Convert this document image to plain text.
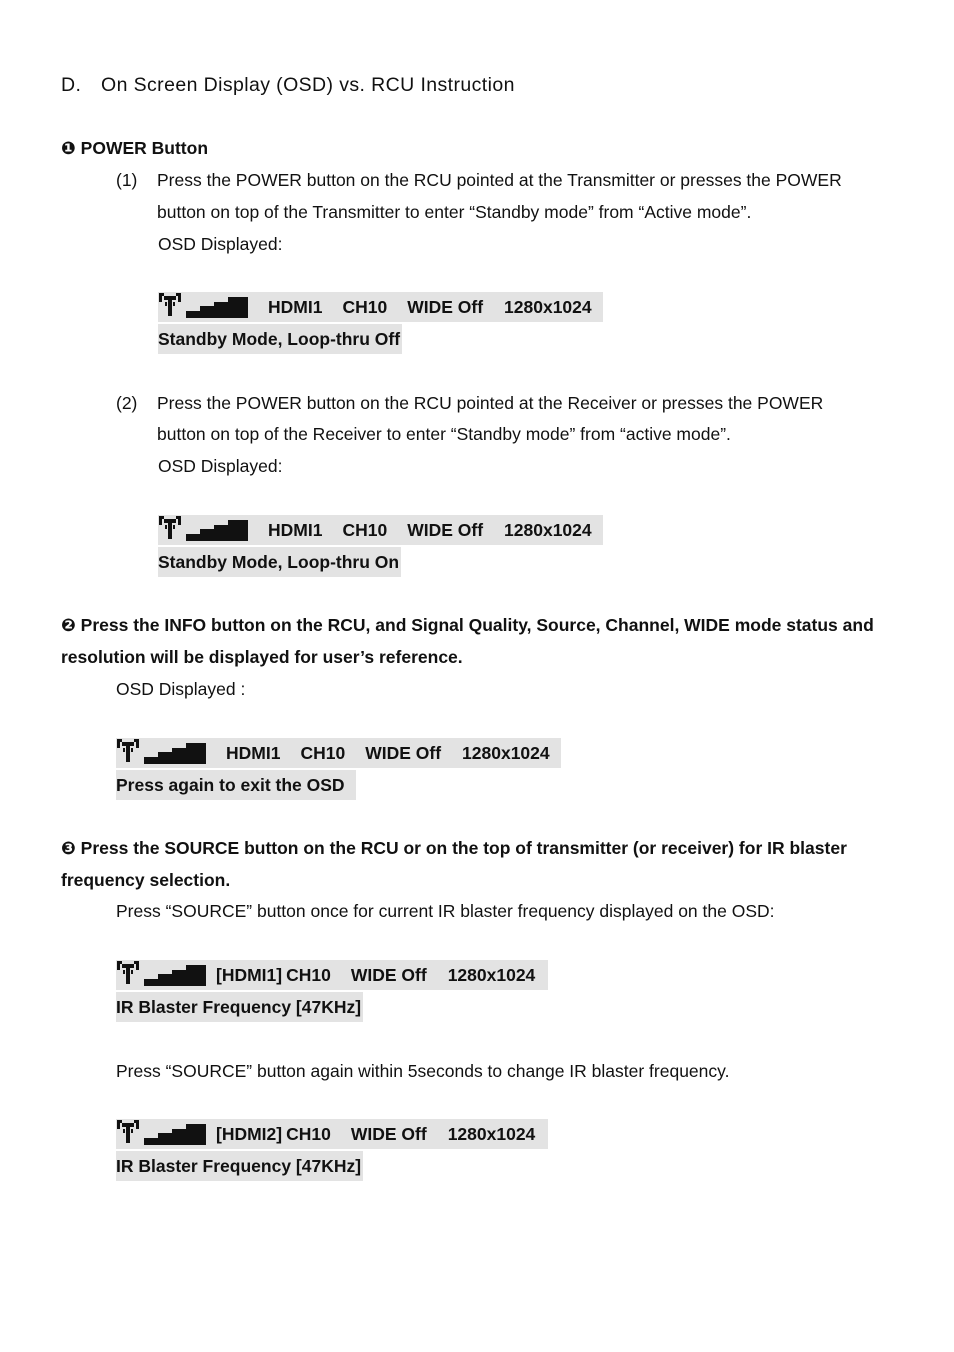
D. On Screen Display (OSD) vs. RCU Instruction
❶ POWER Button
(1) Press the POWER button on the RCU pointed at the Transmitter or presses the POWER
button on top of the Transmitter to enter “Standby mode” from “Active mode”.
OSD Displayed:
HDMI1 CH10 WIDE Off 1280x1024
Standby Mode, Loop-thru Off
(2) Press the POWER button on the RCU pointed at the Receiver or presses the POWER
button on top of the Receiver to enter “Standby mode” from “active mode”.
OSD Displayed:
HDMI1 CH10 WIDE Off 1280x1024
Standby Mode, Loop-thru On
❷ Press the INFO button on the RCU, and Signal Quality, Source, Channel, WIDE mode status and
resolution will be displayed for user’s reference.
OSD Displayed :
HDMI1 CH10 WIDE Off 1280x1024
Press again to exit the OSD
❸ Press the SOURCE button on the RCU or on the top of transmitter (or receiver) for IR blaster
frequency selection.
Press “SOURCE” button once for current IR blaster frequency displayed on the OSD:
[HDMI1] CH10 WIDE Off 1280x1024
IR Blaster Frequency [47KHz]
Press “SOURCE” button again within 5seconds to change IR blaster frequency.
[HDMI2] CH10 WIDE Off 1280x1024
IR Blaster Frequency [47KHz]
